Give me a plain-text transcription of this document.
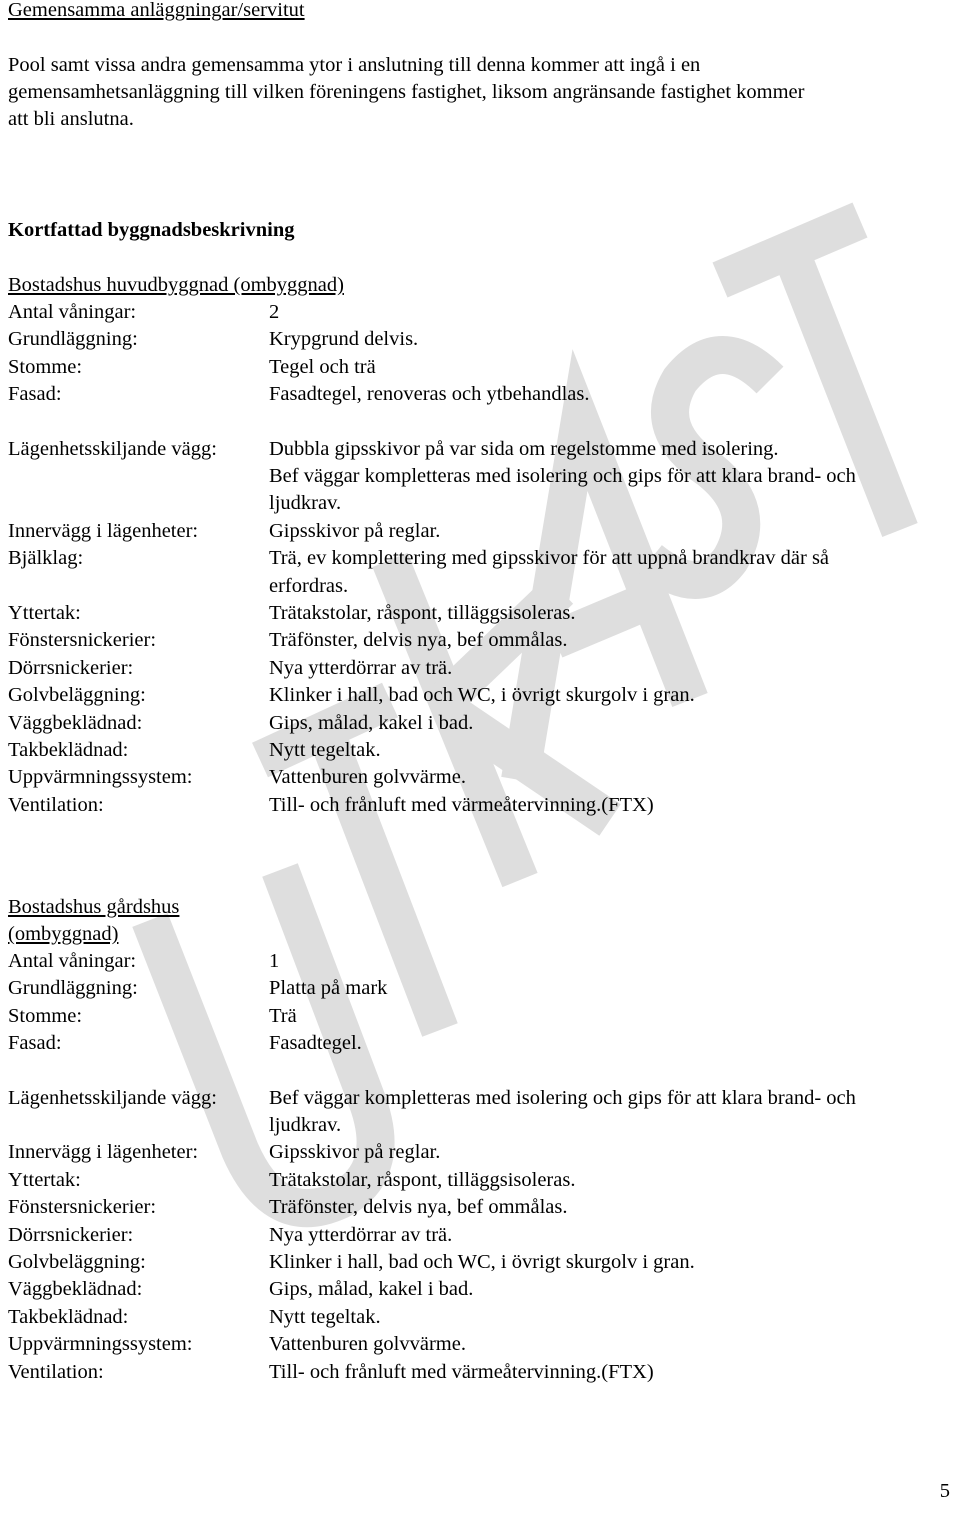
Gemensamma anläggningar/servitut
Pool samt vissa andra gemensamma ytor i anslutning till denna kommer att ingå i en
gemensamhetsanläggning till vilken föreningens fastighet, liksom angränsande fastighet kommer
att bli anslutna.
Kortfattad byggnadsbeskrivning
Bostadshus huvudbyggnad (ombyggnad)
Antal våningar:	2
Grundläggning:	Krypgrund delvis.
Stomme:	Tegel och trä
Fasad:	Fasadtegel, renoveras och ytbehandlas.
Lägenhetsskiljande vägg:	Dubbla gipsskivor på var sida om regelstomme med isolering.
Bef väggar kompletteras med isolering och gips för att klara brand- och
ljudkrav.
Innervägg i lägenheter:	Gipsskivor på reglar.
Bjälklag:	Trä, ev komplettering med gipsskivor för att uppnå brandkrav där så
erfordras.
Yttertak:	Trätakstolar, råspont, tilläggsisoleras.
Fönstersnickerier:	Träfönster, delvis nya, bef ommålas.
Dörrsnickerier:	Nya ytterdörrar av trä.
Golvbeläggning:	Klinker i hall, bad och WC, i övrigt skurgolv i gran.
Väggbeklädnad:	Gips, målad, kakel i bad.
Takbeklädnad:	Nytt tegeltak.
Uppvärmningssystem:	Vattenburen golvvärme.
Ventilation:	Till- och frånluft med värmeåtervinning.(FTX)
Bostadshus gårdshus
(ombyggnad)
Antal våningar:	1
Grundläggning:	Platta på mark
Stomme:	Trä
Fasad:	Fasadtegel.
Lägenhetsskiljande vägg:	Bef väggar kompletteras med isolering och gips för att klara brand- och
ljudkrav.
Innervägg i lägenheter:	Gipsskivor på reglar.
Yttertak:	Trätakstolar, råspont, tilläggsisoleras.
Fönstersnickerier:	Träfönster, delvis nya, bef ommålas.
Dörrsnickerier:	Nya ytterdörrar av trä.
Golvbeläggning:	Klinker i hall, bad och WC, i övrigt skurgolv i gran.
Väggbeklädnad:	Gips, målad, kakel i bad.
Takbeklädnad:	Nytt tegeltak.
Uppvärmningssystem:	Vattenburen golvvärme.
Ventilation:	Till- och frånluft med värmeåtervinning.(FTX)
5
